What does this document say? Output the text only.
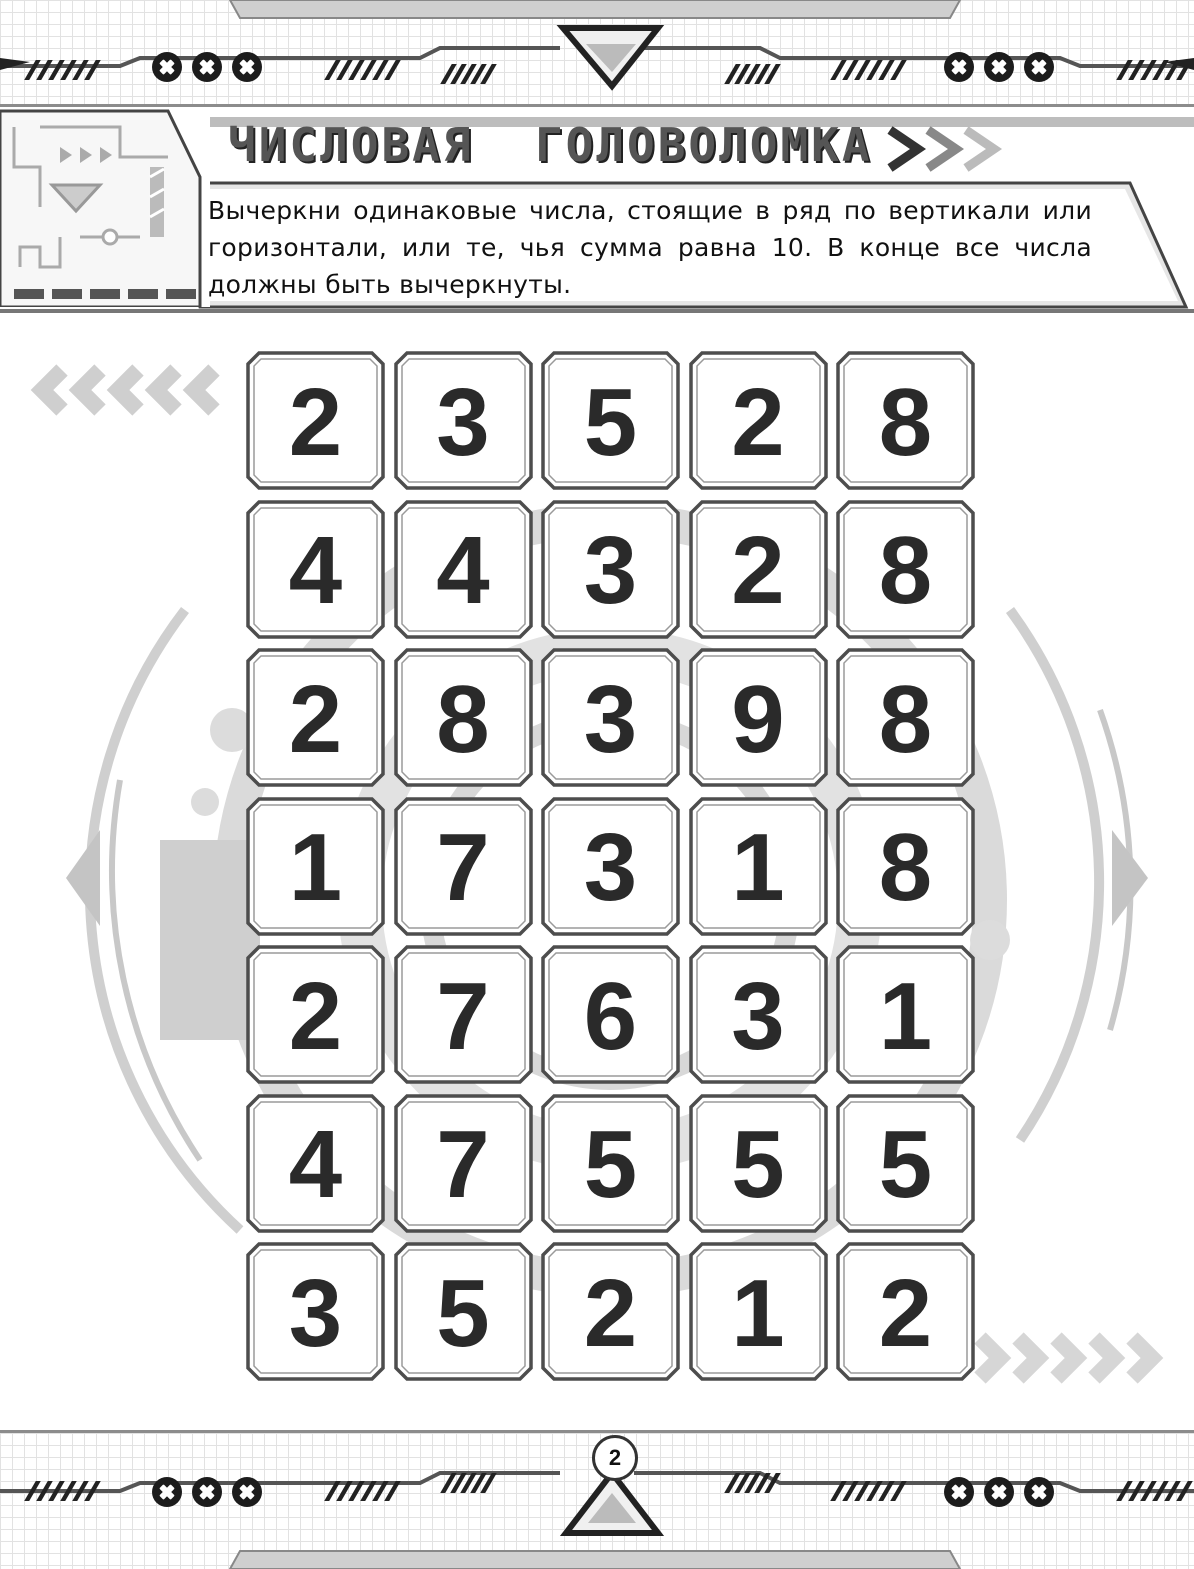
ЧИСЛОВАЯ  ГОЛОВОЛОМКА

Вычеркни одинаковые числа, стоящие в ряд по вертикали или горизонтали, или те, чья сумма равна 10. В конце все числа должны быть вычеркнуты.

2 3 5 2 8
4 4 3 2 8
2 8 3 9 8
1 7 3 1 8
2 7 6 3 1
4 7 5 5 5
3 5 2 1 2
2
